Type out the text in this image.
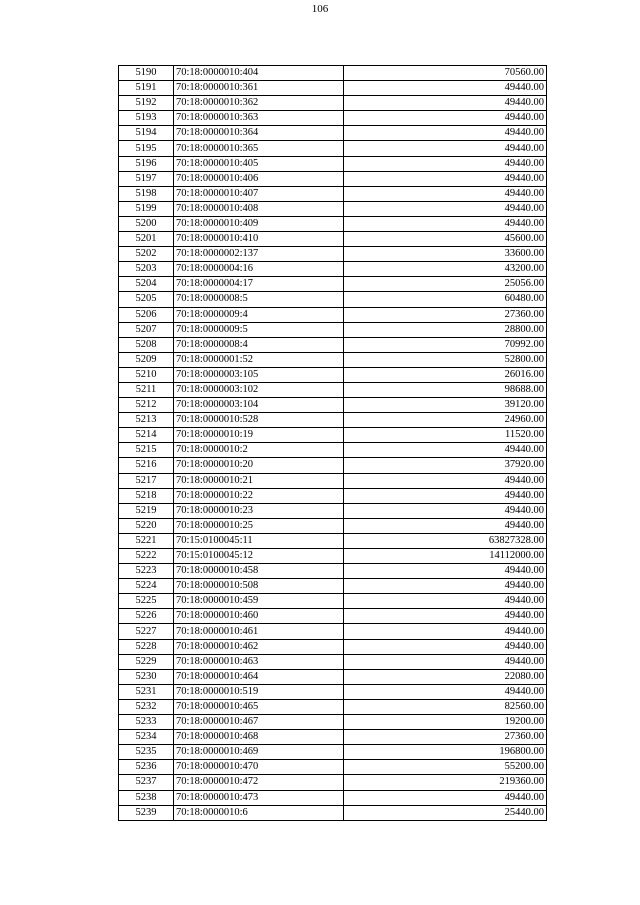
106
5190	70:18:0000010:404	70560.00
5191	70:18:0000010:361	49440.00
5192	70:18:0000010:362	49440.00
5193	70:18:0000010:363	49440.00
5194	70:18:0000010:364	49440.00
5195	70:18:0000010:365	49440.00
5196	70:18:0000010:405	49440.00
5197	70:18:0000010:406	49440.00
5198	70:18:0000010:407	49440.00
5199	70:18:0000010:408	49440.00
5200	70:18:0000010:409	49440.00
5201	70:18:0000010:410	45600.00
5202	70:18:0000002:137	33600.00
5203	70:18:0000004:16	43200.00
5204	70:18:0000004:17	25056.00
5205	70:18:0000008:5	60480.00
5206	70:18:0000009:4	27360.00
5207	70:18:0000009:5	28800.00
5208	70:18:0000008:4	70992.00
5209	70:18:0000001:52	52800.00
5210	70:18:0000003:105	26016.00
5211	70:18:0000003:102	98688.00
5212	70:18:0000003:104	39120.00
5213	70:18:0000010:528	24960.00
5214	70:18:0000010:19	11520.00
5215	70:18:0000010:2	49440.00
5216	70:18:0000010:20	37920.00
5217	70:18:0000010:21	49440.00
5218	70:18:0000010:22	49440.00
5219	70:18:0000010:23	49440.00
5220	70:18:0000010:25	49440.00
5221	70:15:0100045:11	63827328.00
5222	70:15:0100045:12	14112000.00
5223	70:18:0000010:458	49440.00
5224	70:18:0000010:508	49440.00
5225	70:18:0000010:459	49440.00
5226	70:18:0000010:460	49440.00
5227	70:18:0000010:461	49440.00
5228	70:18:0000010:462	49440.00
5229	70:18:0000010:463	49440.00
5230	70:18:0000010:464	22080.00
5231	70:18:0000010:519	49440.00
5232	70:18:0000010:465	82560.00
5233	70:18:0000010:467	19200.00
5234	70:18:0000010:468	27360.00
5235	70:18:0000010:469	196800.00
5236	70:18:0000010:470	55200.00
5237	70:18:0000010:472	219360.00
5238	70:18:0000010:473	49440.00
5239	70:18:0000010:6	25440.00
